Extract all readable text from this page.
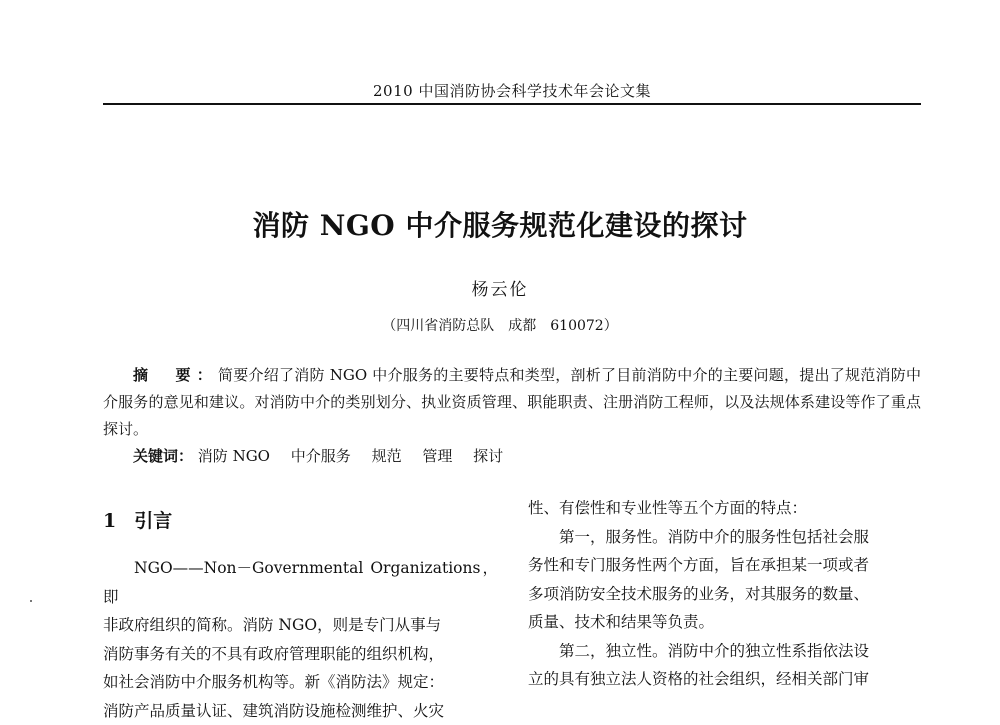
2010 中国消防协会科学技术年会论文集
消防 NGO 中介服务规范化建设的探讨
杨云伦
（四川省消防总队　成都　610072）

摘　要：简要介绍了消防 NGO 中介服务的主要特点和类型，剖析了目前消防中介的主要问题，提出了规范消防中介服务的意见和建议。对消防中介的类别划分、执业资质管理、职能职责、注册消防工程师，以及法规体系建设等作了重点探讨。

关键词： 消防 NGO 中介服务 规范 管理 探讨
1 引言
NGO——Non－Governmental Organizations，即
非政府组织的简称。消防 NGO，则是专门从事与
消防事务有关的不具有政府管理职能的组织机构，
如社会消防中介服务机构等。新《消防法》规定：
消防产品质量认证、建筑消防设施检测维护、火灾
性、有偿性和专业性等五个方面的特点：
第一，服务性。消防中介的服务性包括社会服
务性和专门服务性两个方面，旨在承担某一项或者
多项消防安全技术服务的业务，对其服务的数量、
质量、技术和结果等负责。
第二，独立性。消防中介的独立性系指依法设
立的具有独立法人资格的社会组织，经相关部门审
